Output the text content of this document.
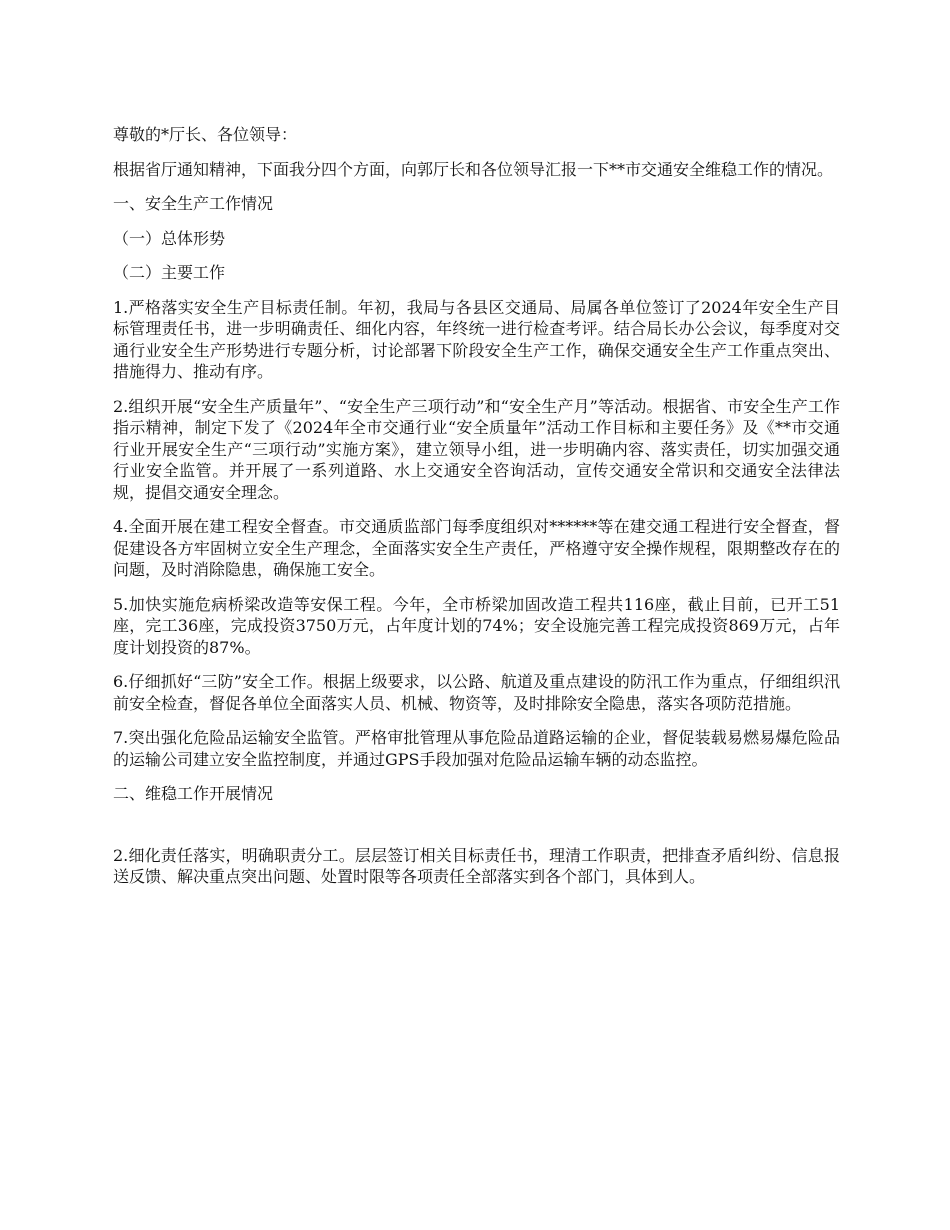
尊敬的*厅长、各位领导：

根据省厅通知精神，下面我分四个方面，向郭厅长和各位领导汇报一下**市交通安全维稳工作的情况。

一、安全生产工作情况

（一）总体形势

（二）主要工作

1.严格落实安全生产目标责任制。年初，我局与各县区交通局、局属各单位签订了2024年安全生产目标管理责任书，进一步明确责任、细化内容，年终统一进行检查考评。结合局长办公会议，每季度对交通行业安全生产形势进行专题分析，讨论部署下阶段安全生产工作，确保交通安全生产工作重点突出、措施得力、推动有序。

2.组织开展“安全生产质量年”、“安全生产三项行动”和“安全生产月”等活动。根据省、市安全生产工作指示精神，制定下发了《2024年全市交通行业“安全质量年”活动工作目标和主要任务》及《**市交通行业开展安全生产“三项行动”实施方案》，建立领导小组，进一步明确内容、落实责任，切实加强交通行业安全监管。并开展了一系列道路、水上交通安全咨询活动，宣传交通安全常识和交通安全法律法规，提倡交通安全理念。

4.全面开展在建工程安全督查。市交通质监部门每季度组织对******等在建交通工程进行安全督查，督促建设各方牢固树立安全生产理念，全面落实安全生产责任，严格遵守安全操作规程，限期整改存在的问题，及时消除隐患，确保施工安全。

5.加快实施危病桥梁改造等安保工程。今年，全市桥梁加固改造工程共116座，截止目前，已开工51座，完工36座，完成投资3750万元，占年度计划的74%；安全设施完善工程完成投资869万元，占年度计划投资的87%。

6.仔细抓好“三防”安全工作。根据上级要求，以公路、航道及重点建设的防汛工作为重点，仔细组织汛前安全检查，督促各单位全面落实人员、机械、物资等，及时排除安全隐患，落实各项防范措施。

7.突出强化危险品运输安全监管。严格审批管理从事危险品道路运输的企业，督促装载易燃易爆危险品的运输公司建立安全监控制度，并通过GPS手段加强对危险品运输车辆的动态监控。

二、维稳工作开展情况

2.细化责任落实，明确职责分工。层层签订相关目标责任书，理清工作职责，把排查矛盾纠纷、信息报送反馈、解决重点突出问题、处置时限等各项责任全部落实到各个部门，具体到人。
